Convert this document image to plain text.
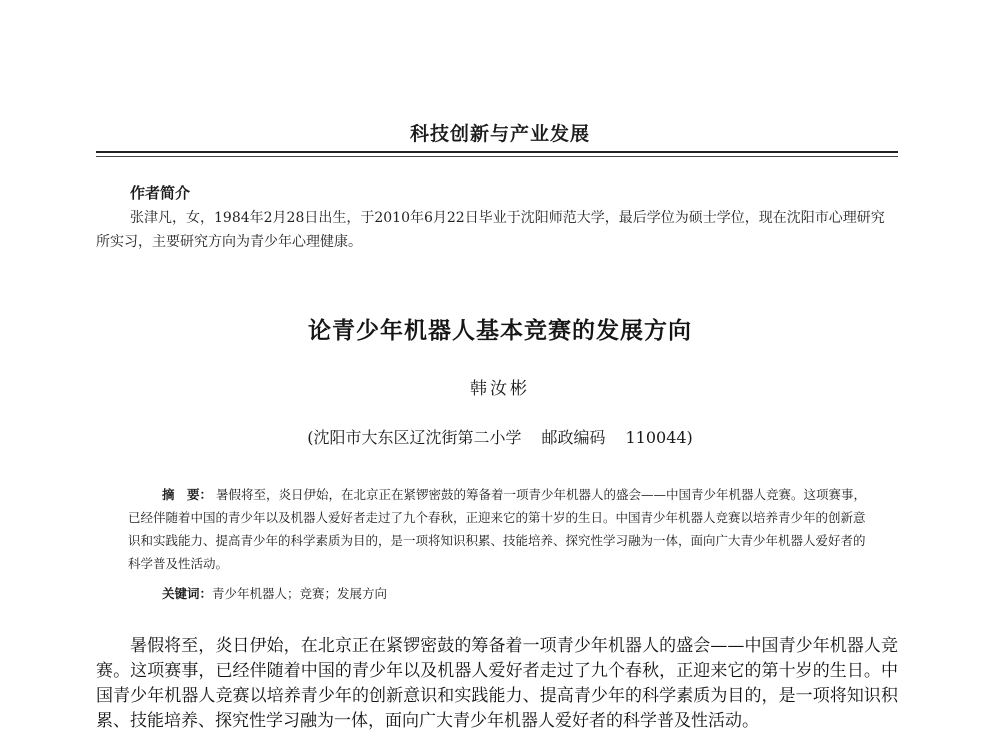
科技创新与产业发展
作者简介
张津凡，女，1984年2月28日出生，于2010年6月22日毕业于沈阳师范大学，最后学位为硕士学位，现在沈阳市心理研究所实习，主要研究方向为青少年心理健康。
论青少年机器人基本竞赛的发展方向
韩汝彬
(沈阳市大东区辽沈街第二小学 邮政编码 110044)
摘　要： 暑假将至，炎日伊始，在北京正在紧锣密鼓的筹备着一项青少年机器人的盛会——中国青少年机器人竞赛。这项赛事，已经伴随着中国的青少年以及机器人爱好者走过了九个春秋，正迎来它的第十岁的生日。中国青少年机器人竞赛以培养青少年的创新意识和实践能力、提高青少年的科学素质为目的，是一项将知识积累、技能培养、探究性学习融为一体，面向广大青少年机器人爱好者的科学普及性活动。
关键词：青少年机器人；竞赛；发展方向
暑假将至，炎日伊始，在北京正在紧锣密鼓的筹备着一项青少年机器人的盛会——中国青少年机器人竞赛。这项赛事，已经伴随着中国的青少年以及机器人爱好者走过了九个春秋，正迎来它的第十岁的生日。中国青少年机器人竞赛以培养青少年的创新意识和实践能力、提高青少年的科学素质为目的，是一项将知识积累、技能培养、探究性学习融为一体，面向广大青少年机器人爱好者的科学普及性活动。
